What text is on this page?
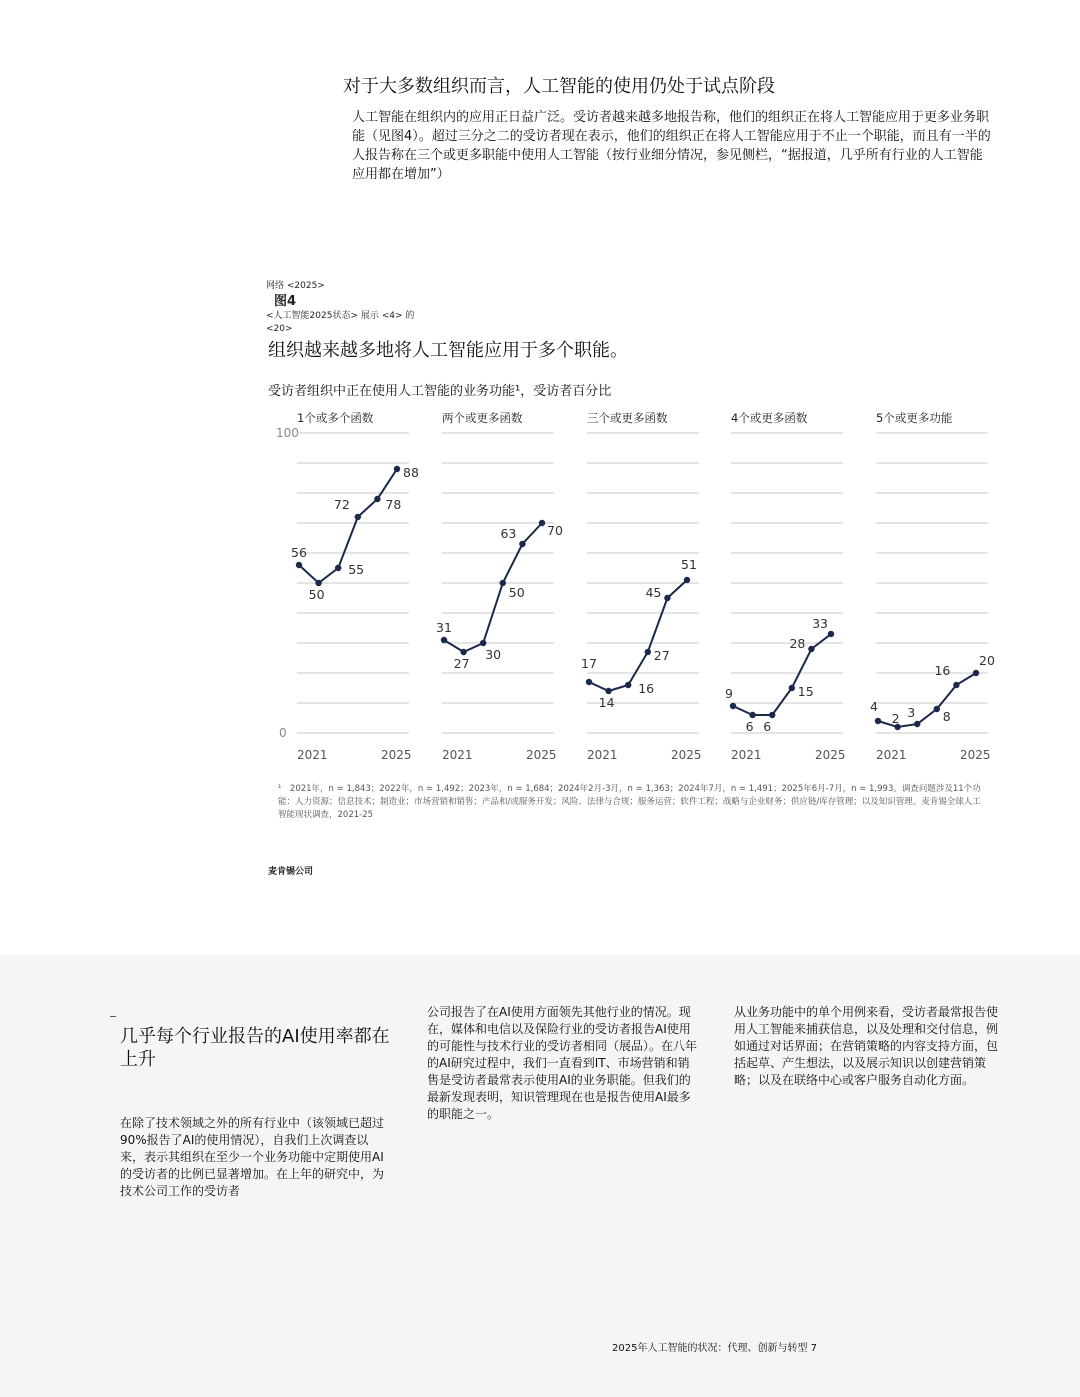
对于大多数组织而言，人工智能的使用仍处于试点阶段
人工智能在组织内的应用正日益广泛。受访者越来越多地报告称，他们的组织正在将人工智能应用于更多业务职能（见图4）。超过三分之二的受访者现在表示，他们的组织正在将人工智能应用于不止一个职能，而且有一半的人报告称在三个或更多职能中使用人工智能（按行业细分情况，参见侧栏，“据报道，几乎所有行业的人工智能应用都在增加”）
网络 <2025>
图4
<人工智能2025状态> 展示 <4> 的
<20>
组织越来越多地将人工智能应用于多个职能。
受访者组织中正在使用人工智能的业务功能¹，受访者百分比
100
0
1个或多个函数
2021	2025
56
50
55
72	78
88
两个或更多函数
2021	2025
31
27
30
50
63 70
三个或更多函数
2021	2025
17
14
16
27
45
51
4个或更多函数
2021	2025
9
6 6
15
28
33
5个或更多功能
2021	2025
4
2 3 8
16
20
¹　2021年，n = 1,843；2022年，n = 1,492；2023年，n = 1,684；2024年2月-3月，n = 1,363；2024年7月，n = 1,491；2025年6月-7月，n = 1,993。调查问题涉及11个功能：人力资源；信息技术；制造业；市场营销和销售；产品和/或服务开发；风险、法律与合规；服务运营；软件工程；战略与企业财务；供应链/库存管理；以及知识管理。麦肯锡全球人工智能现状调查，2021-25
麦肯锡公司
几乎每个行业报告的AI使用率都在上升
在除了技术领域之外的所有行业中（该领域已超过90%报告了AI的使用情况），自我们上次调查以来，表示其组织在至少一个业务功能中定期使用AI的受访者的比例已显著增加。在上年的研究中，为技术公司工作的受访者
公司报告了在AI使用方面领先其他行业的情况。现在，媒体和电信以及保险行业的受访者报告AI使用的可能性与技术行业的受访者相同（展品）。在八年的AI研究过程中，我们一直看到IT、市场营销和销售是受访者最常表示使用AI的业务职能。但我们的最新发现表明，知识管理现在也是报告使用AI最多的职能之一。
从业务功能中的单个用例来看，受访者最常报告使用人工智能来捕获信息，以及处理和交付信息，例如通过对话界面；在营销策略的内容支持方面，包括起草、产生想法，以及展示知识以创建营销策略；以及在联络中心或客户服务自动化方面。
2025年人工智能的状况：代理、创新与转型 7
